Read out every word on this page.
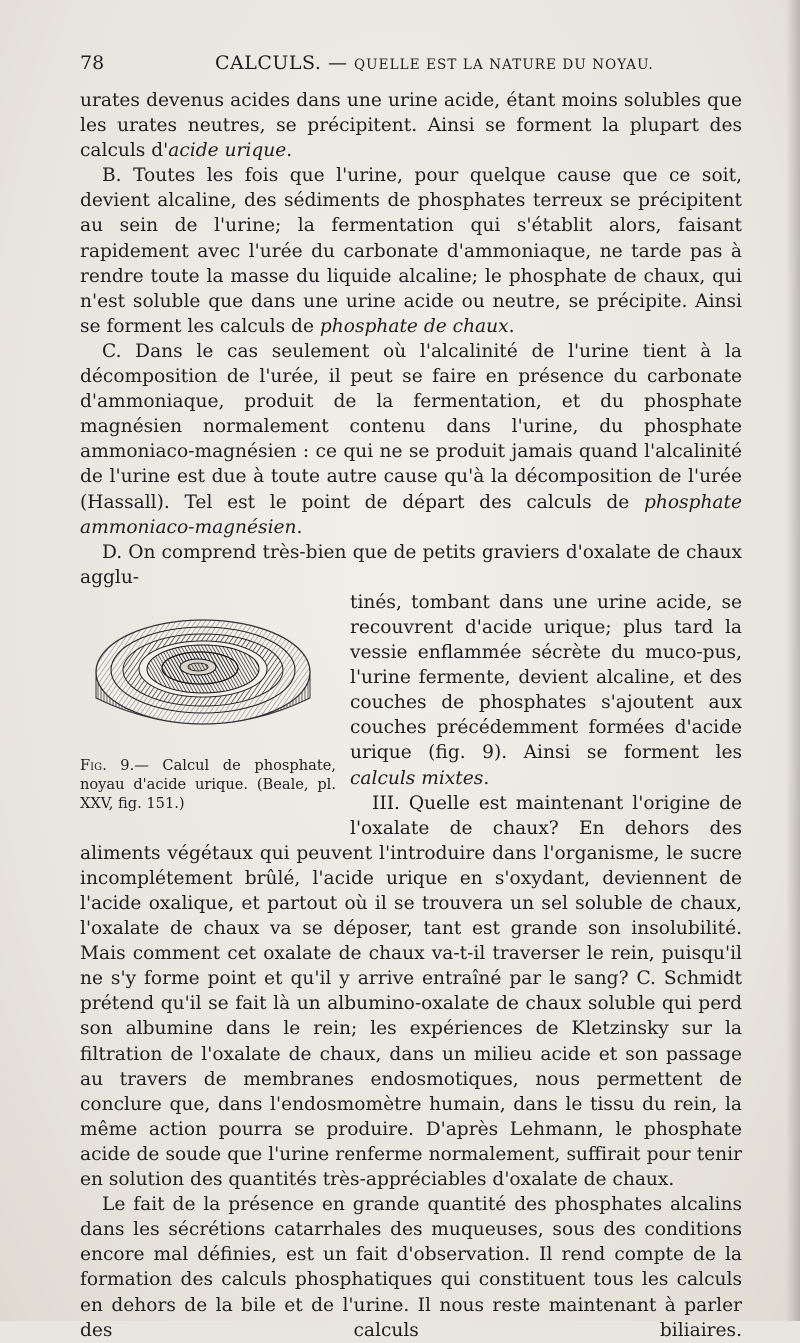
78	CALCULS. — QUELLE EST LA NATURE DU NOYAU.

urates devenus acides dans une urine acide, étant moins solubles que les urates neutres, se précipitent. Ainsi se forment la plupart des calculs d'acide urique.

B. Toutes les fois que l'urine, pour quelque cause que ce soit, devient alcaline, des sédiments de phosphates terreux se précipitent au sein de l'urine; la fermentation qui s'établit alors, faisant rapidement avec l'urée du carbonate d'ammoniaque, ne tarde pas à rendre toute la masse du liquide alcaline; le phosphate de chaux, qui n'est soluble que dans une urine acide ou neutre, se précipite. Ainsi se forment les calculs de phosphate de chaux.

C. Dans le cas seulement où l'alcalinité de l'urine tient à la décomposition de l'urée, il peut se faire en présence du carbonate d'ammoniaque, produit de la fermentation, et du phosphate magnésien normalement contenu dans l'urine, du phosphate ammoniaco-magnésien : ce qui ne se produit jamais quand l'alcalinité de l'urine est due à toute autre cause qu'à la décomposition de l'urée (Hassall). Tel est le point de départ des calculs de phosphate ammoniaco-magnésien.

D. On comprend très-bien que de petits graviers d'oxalate de chaux agglu-

Fig. 9.— Calcul de phosphate, noyau d'acide urique. (Beale, pl. XXV, fig. 151.)

tinés, tombant dans une urine acide, se recouvrent d'acide urique; plus tard la vessie enflammée sécrète du muco-pus, l'urine fermente, devient alcaline, et des couches de phosphates s'ajoutent aux couches précédemment formées d'acide urique (fig. 9). Ainsi se forment les calculs mixtes.

III. Quelle est maintenant l'origine de l'oxalate de chaux? En dehors des aliments végétaux qui peuvent l'introduire dans l'organisme, le sucre incomplétement brûlé, l'acide urique en s'oxydant, deviennent de l'acide oxalique, et partout où il se trouvera un sel soluble de chaux, l'oxalate de chaux va se déposer, tant est grande son insolubilité. Mais comment cet oxalate de chaux va-t-il traverser le rein, puisqu'il ne s'y forme point et qu'il y arrive entraîné par le sang? C. Schmidt prétend qu'il se fait là un albumino-oxalate de chaux soluble qui perd son albumine dans le rein; les expériences de Kletzinsky sur la filtration de l'oxalate de chaux, dans un milieu acide et son passage au travers de membranes endosmotiques, nous permettent de conclure que, dans l'endosmomètre humain, dans le tissu du rein, la même action pourra se produire. D'après Lehmann, le phosphate acide de soude que l'urine renferme normalement, suffirait pour tenir en solution des quantités très-appréciables d'oxalate de chaux.

Le fait de la présence en grande quantité des phosphates alcalins dans les sécrétions catarrhales des muqueuses, sous des conditions encore mal définies, est un fait d'observation. Il rend compte de la formation des calculs phosphatiques qui constituent tous les calculs en dehors de la bile et de l'urine. Il nous reste maintenant à parler des calculs biliaires.
